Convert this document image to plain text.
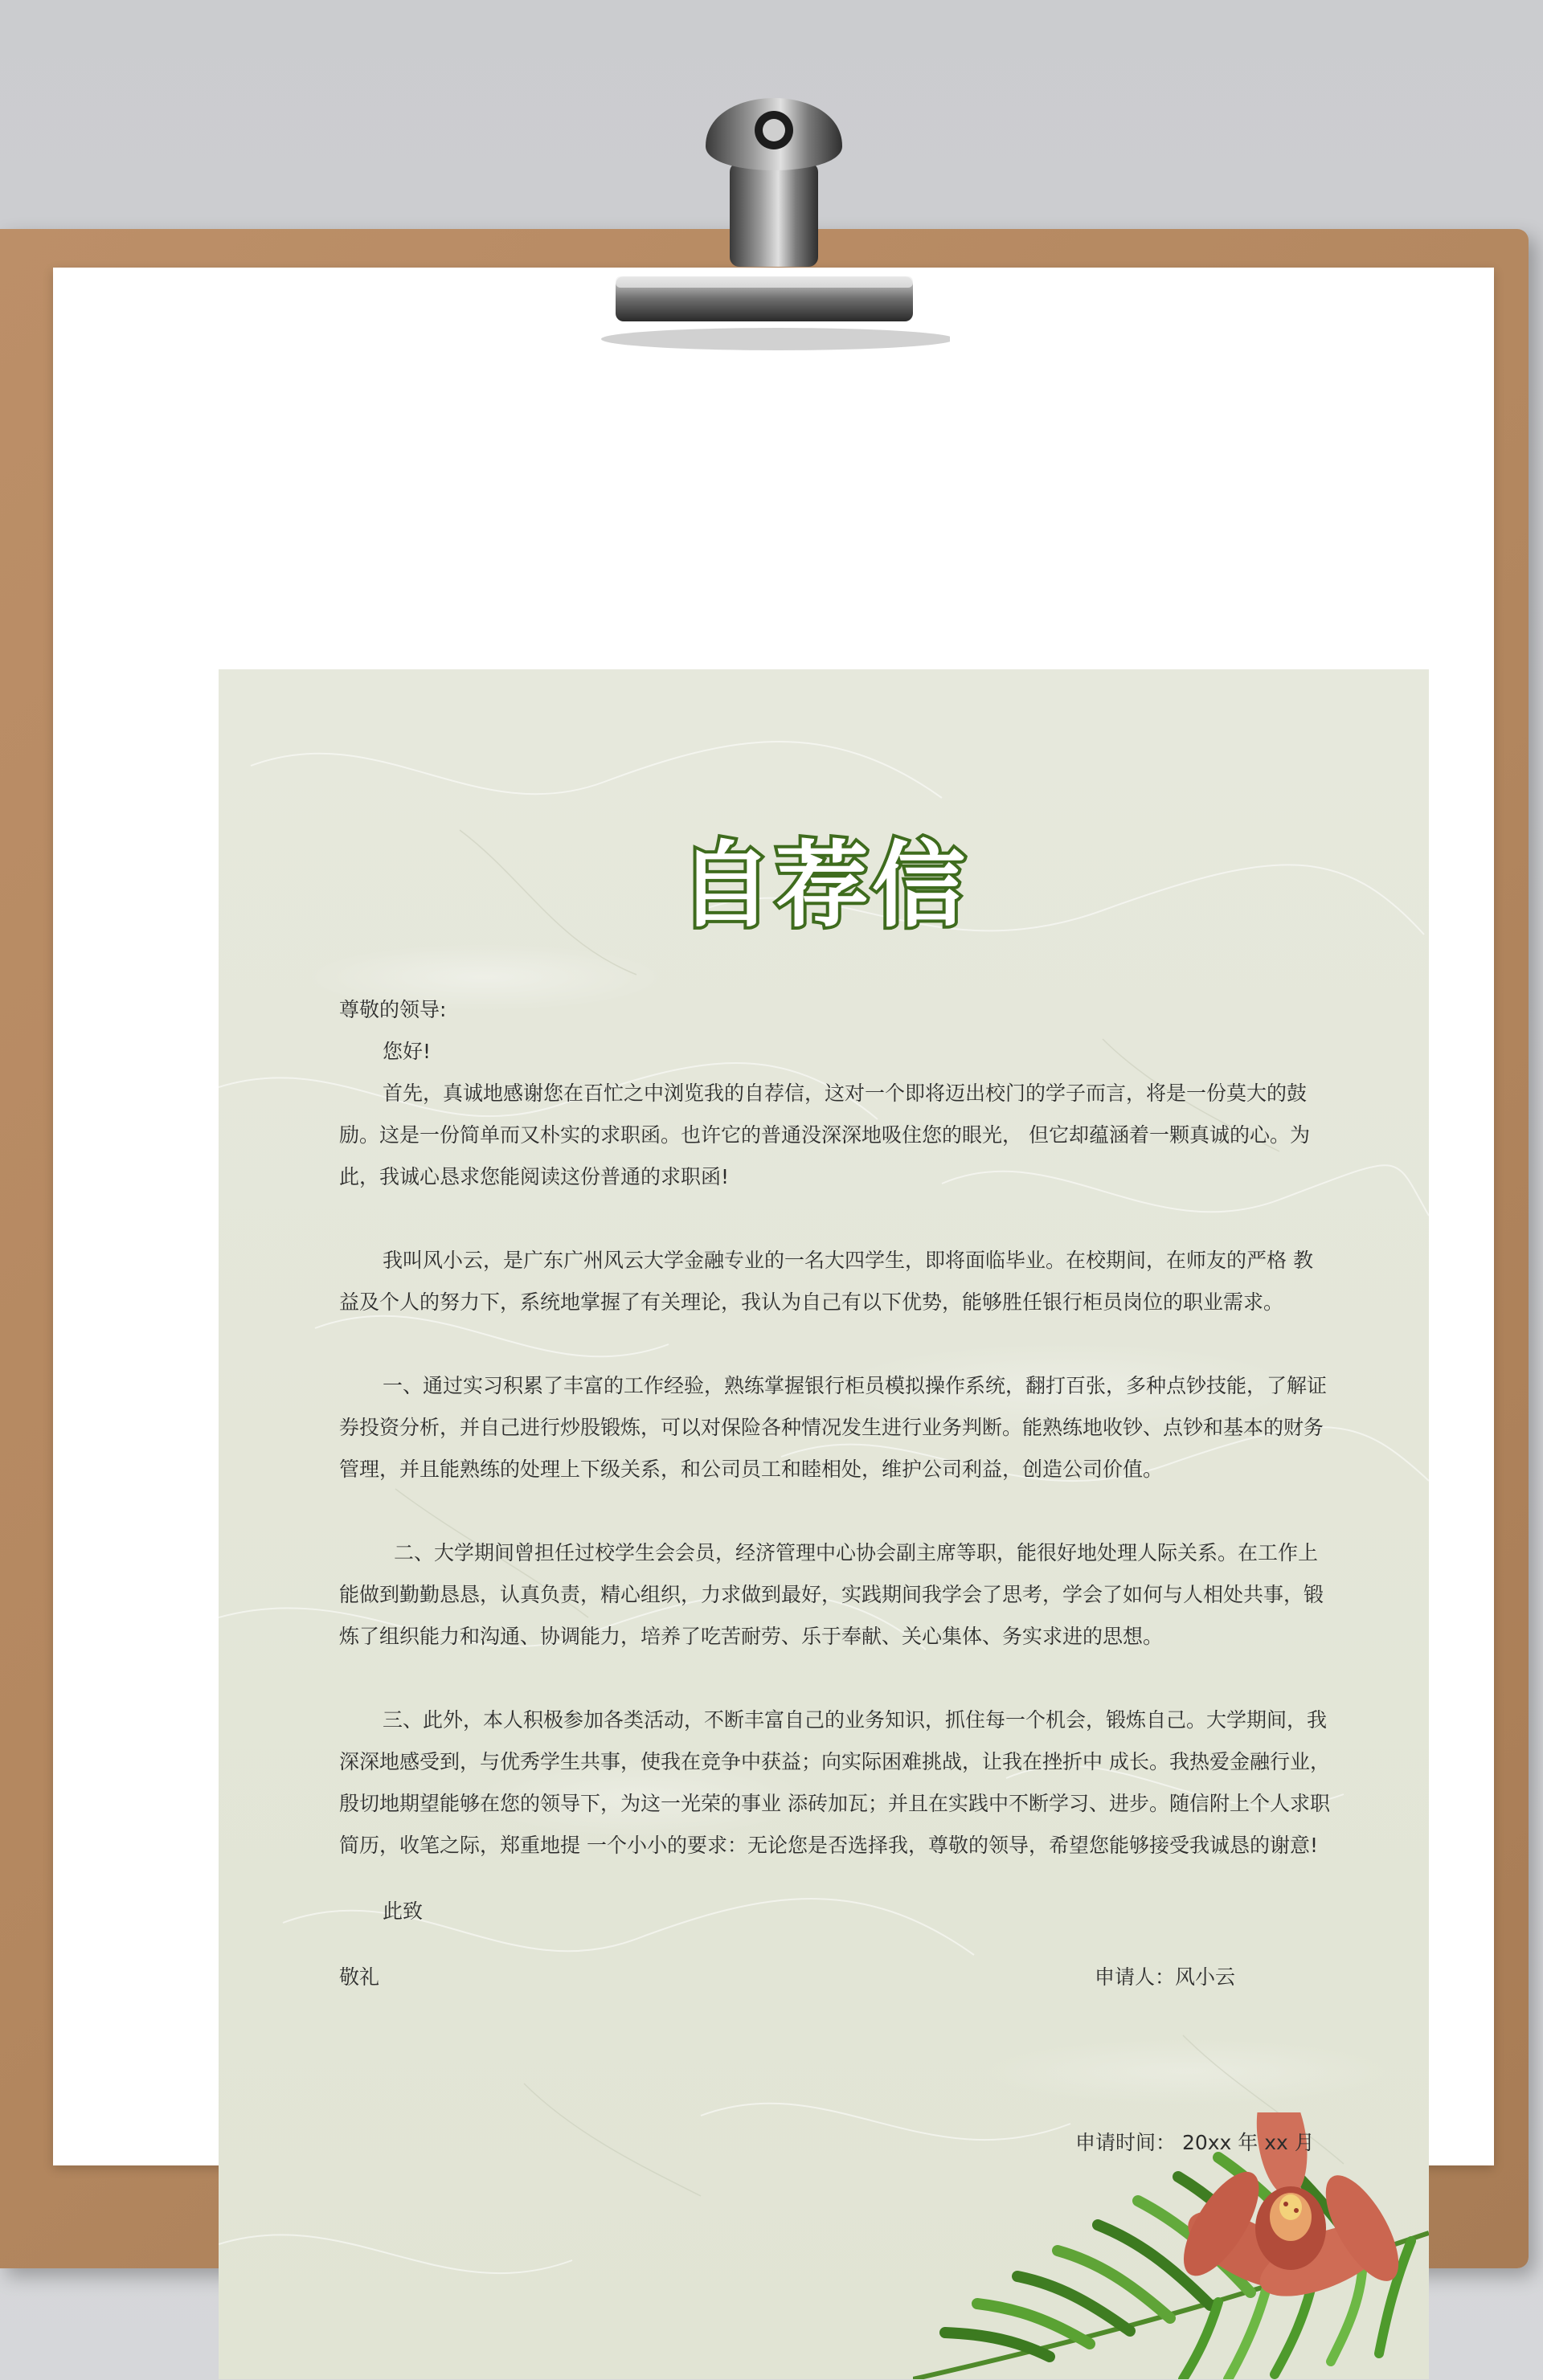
自荐信
尊敬的领导:
您好!
首先，真诚地感谢您在百忙之中浏览我的自荐信，这对一个即将迈出校门的学子而言，将是一份莫大的鼓励。这是一份简单而又朴实的求职函。也许它的普通没深深地吸住您的眼光， 但它却蕴涵着一颗真诚的心。为此，我诚心恳求您能阅读这份普通的求职函!
我叫风小云，是广东广州风云大学金融专业的一名大四学生，即将面临毕业。在校期间，在师友的严格 教益及个人的努力下，系统地掌握了有关理论，我认为自己有以下优势，能够胜任银行柜员岗位的职业需求。
一、通过实习积累了丰富的工作经验，熟练掌握银行柜员模拟操作系统，翻打百张，多种点钞技能，了解证券投资分析，并自己进行炒股锻炼，可以对保险各种情况发生进行业务判断。能熟练地收钞、点钞和基本的财务管理，并且能熟练的处理上下级关系，和公司员工和睦相处，维护公司利益，创造公司价值。
二、大学期间曾担任过校学生会会员，经济管理中心协会副主席等职，能很好地处理人际关系。在工作上能做到勤勤恳恳，认真负责，精心组织，力求做到最好，实践期间我学会了思考，学会了如何与人相处共事，锻炼了组织能力和沟通、协调能力，培养了吃苦耐劳、乐于奉献、关心集体、务实求进的思想。
三、此外，本人积极参加各类活动，不断丰富自己的业务知识，抓住每一个机会，锻炼自己。大学期间，我深深地感受到，与优秀学生共事，使我在竞争中获益；向实际困难挑战，让我在挫折中 成长。我热爱金融行业，殷切地期望能够在您的领导下，为这一光荣的事业 添砖加瓦；并且在实践中不断学习、进步。随信附上个人求职简历，收笔之际，郑重地提 一个小小的要求：无论您是否选择我，尊敬的领导，希望您能够接受我诚恳的谢意!
此致
敬礼	申请人：风小云
申请时间： 20xx 年 xx 月
